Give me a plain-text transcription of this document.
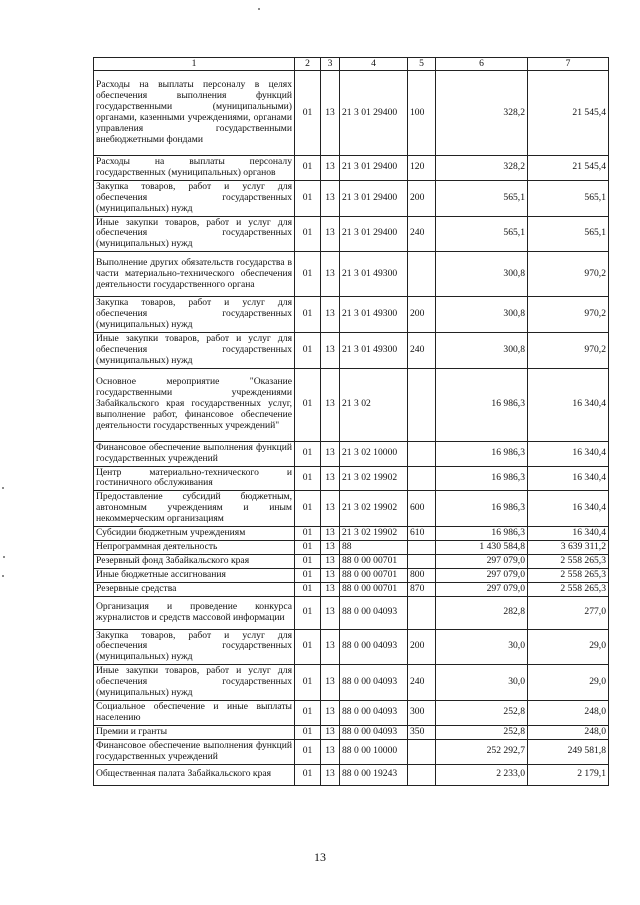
1	2	3	4	5	6	7
Расходы на выплаты персоналу в целях обеспечения выполнения функций государственными (муниципальными) органами, казенными учреждениями, органами управления государственными внебюджетными фондами	01	13	21 3 01 29400	100	328,2	21 545,4
Расходы на выплаты персоналу государственных (муниципальных) органов	01	13	21 3 01 29400	120	328,2	21 545,4
Закупка товаров, работ и услуг для обеспечения государственных (муниципальных) нужд	01	13	21 3 01 29400	200	565,1	565,1
Иные закупки товаров, работ и услуг для обеспечения государственных (муниципальных) нужд	01	13	21 3 01 29400	240	565,1	565,1
Выполнение других обязательств государства в части материально-технического обеспечения деятельности государственного органа	01	13	21 3 01 49300		300,8	970,2
Закупка товаров, работ и услуг для обеспечения государственных (муниципальных) нужд	01	13	21 3 01 49300	200	300,8	970,2
Иные закупки товаров, работ и услуг для обеспечения государственных (муниципальных) нужд	01	13	21 3 01 49300	240	300,8	970,2
Основное мероприятие "Оказание государственными учреждениями Забайкальского края государственных услуг, выполнение работ, финансовое обеспечение деятельности государственных учреждений"	01	13	21 3 02		16 986,3	16 340,4
Финансовое обеспечение выполнения функций государственных учреждений	01	13	21 3 02 10000		16 986,3	16 340,4
Центр материально-технического и гостиничного обслуживания	01	13	21 3 02 19902		16 986,3	16 340,4
Предоставление субсидий бюджетным, автономным учреждениям и иным некоммерческим организациям	01	13	21 3 02 19902	600	16 986,3	16 340,4
Субсидии бюджетным учреждениям	01	13	21 3 02 19902	610	16 986,3	16 340,4
Непрограммная деятельность	01	13	88		1 430 584,8	3 639 311,2
Резервный фонд Забайкальского края	01	13	88 0 00 00701		297 079,0	2 558 265,3
Иные бюджетные ассигнования	01	13	88 0 00 00701	800	297 079,0	2 558 265,3
Резервные средства	01	13	88 0 00 00701	870	297 079,0	2 558 265,3
Организация и проведение конкурса журналистов и средств массовой информации	01	13	88 0 00 04093		282,8	277,0
Закупка товаров, работ и услуг для обеспечения государственных (муниципальных) нужд	01	13	88 0 00 04093	200	30,0	29,0
Иные закупки товаров, работ и услуг для обеспечения государственных (муниципальных) нужд	01	13	88 0 00 04093	240	30,0	29,0
Социальное обеспечение и иные выплаты населению	01	13	88 0 00 04093	300	252,8	248,0
Премии и гранты	01	13	88 0 00 04093	350	252,8	248,0
Финансовое обеспечение выполнения функций государственных учреждений	01	13	88 0 00 10000		252 292,7	249 581,8
Общественная палата Забайкальского края	01	13	88 0 00 19243		2 233,0	2 179,1
13
